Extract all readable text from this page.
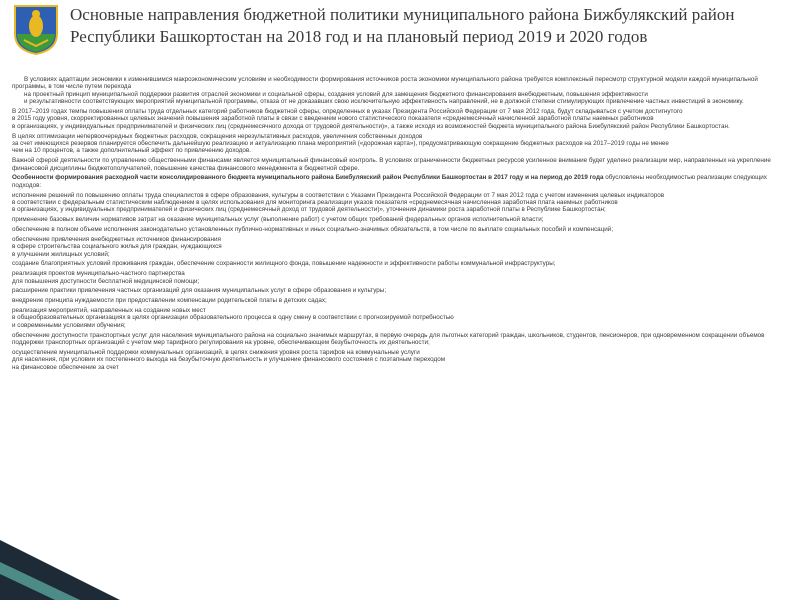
Основные направления бюджетной политики муниципального района Бижбулякский район Республики Башкортостан на 2018 год и на плановый период 2019 и 2020 годов

В условиях адаптации экономики к изменившимся макроэкономическим условиям и необходимости формирования источников роста экономики муниципального района требуется комплексный пересмотр структурной модели каждой муниципальной программы, в том числе путем перехода
на проектный принцип муниципальной поддержки развития отраслей экономики и социальной сферы, создания условий для замещения бюджетного финансирования внебюджетным, повышения эффективности
и результативности соответствующих мероприятий муниципальной программы, отказа от не доказавших свою исключительную эффективность направлений, не в должной степени стимулирующих привлечение частных инвестиций в экономику.

В 2017–2019 годах темпы повышения оплаты труда отдельных категорий работников бюджетной сферы, определенных в указах Президента Российской Федерации от 7 мая 2012 года, будут складываться с учетом достигнутого
в 2015 году уровня, скорректированных целевых значений повышения заработной платы в связи с введением нового статистического показателя «среднемесячный начисленной заработной платы наемных работников
в организациях, у индивидуальных предпринимателей и физических лиц (среднемесячного дохода от трудовой деятельности)», а также исходя из возможностей бюджета муниципального района Бижбулякский район Республики Башкортостан.

В целях оптимизации непервоочередных бюджетных расходов, сокращения нерезультативных расходов, увеличения собственных доходов
за счет имеющихся резервов планируется обеспечить дальнейшую реализацию и актуализацию плана мероприятий («дорожная карта»), предусматривающую сокращение бюджетных расходов на 2017–2019 годы не менее
чем на 10 процентов, а также дополнительный эффект по привлечению доходов.

Важной сферой деятельности по управлению общественными финансами является муниципальный финансовый контроль. В условиях ограниченности бюджетных ресурсов усиленное внимание будет уделено реализации мер, направленных на укрепление финансовой дисциплины бюджетополучателей, повышение качества финансового менеджмента в бюджетной сфере.

Особенности формирования расходной части консолидированного бюджета муниципального района Бижбулякский район Республики Башкортостан в 2017 году и на период до 2019 года обусловлены необходимостью реализации следующих подходов:

исполнение решений по повышению оплаты труда специалистов в сфере образования, культуры в соответствии с Указами Президента Российской Федерации от 7 мая 2012 года с учетом изменения целевых индикаторов
в соответствии с федеральным статистическим наблюдением в целях использования для мониторинга реализации указов показателя «среднемесячная начисленная заработная плата наемных работников
в организациях, у индивидуальных предпринимателей и физических лиц (среднемесячный доход от трудовой деятельности)», уточнения динамики роста заработной платы в Республике Башкортостан;

применение базовых величин нормативов затрат на оказание муниципальных услуг (выполнение работ) с учетом общих требований федеральных органов исполнительной власти;

обеспечение в полном объеме исполнения законодательно установленных публично-нормативных и иных социально-значимых обязательств, в том числе по выплате социальных пособий и компенсаций;

обеспечение привлечения внебюджетных источников финансирования
в сфере строительства социального жилья для граждан, нуждающихся
в улучшении жилищных условий;

создание благоприятных условий проживания граждан, обеспечение сохранности жилищного фонда, повышение надежности и эффективности работы коммунальной инфраструктуры;

реализация проектов муниципально-частного партнерства
для повышения доступности бесплатной медицинской помощи;

расширение практики привлечения частных организаций для оказания муниципальных услуг в сфере образования и культуры;

внедрение принципа нуждаемости при предоставлении компенсации родительской платы в детских садах;

реализация мероприятий, направленных на создание новых мест
в общеобразовательных организациях в целях организации образовательного процесса в одну смену в соответствии с прогнозируемой потребностью
и современными условиями обучения;

обеспечение доступности транспортных услуг для населения муниципального района на социально значимых маршрутах, в первую очередь для льготных категорий граждан, школьников, студентов, пенсионеров, при одновременном сокращении объемов поддержки транспортных организаций с учетом мер тарифного регулирования на уровне, обеспечивающем безубыточность их деятельности;

осуществление муниципальной поддержки коммунальных организаций, в целях снижения уровня роста тарифов на коммунальные услуги
для населения, при условии их постепенного выхода на безубыточную деятельность и улучшение финансового состояния с поэтапным переходом
на финансовое обеспечение за счет
